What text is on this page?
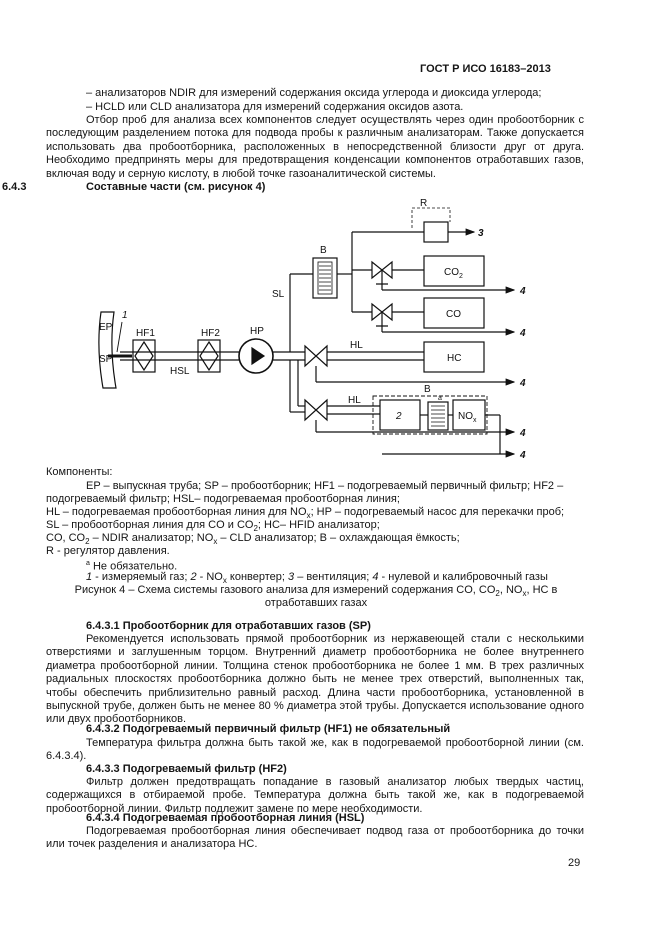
ГОСТ Р ИСО 16183–2013
– анализаторов NDIR для измерений содержания оксида углерода и диоксида углерода;
– HCLD или CLD анализатора для измерений содержания оксидов азота.
Отбор проб для анализа всех компонентов следует осуществлять через один пробоотборник с последующим разделением потока для подвода пробы к различным анализаторам. Также допускается использовать два пробоотборника, расположенных в непосредственной близости друг от друга. Необходимо предпринять меры для предотвращения конденсации компонентов отработавших газов, включая воду и серную кислоту, в любой точке газоаналитической системы.
6.4.3	Составные части (см. рисунок 4)
EP
SP
1
HF1	HF2	HP
HSL
SL
HL
HL
B
B
R
3
$CO_2$
CO
HC
2	$NO_x$
a
4
4
4
4
4
Компоненты:
EP – выпускная труба; SP – пробоотборник; HF1 – подогреваемый первичный фильтр; HF2 –
подогреваемый фильтр; HSL– подогреваемая пробоотборная линия;
HL – подогреваемая пробоотборная линия для $NO_x$; HP – подогреваемый насос для перекачки проб;
SL – пробоотборная линия для CO и $CO_2$; HC– HFID анализатор;
CO, $CO_2$ – NDIR анализатор; $NO_x$ – CLD анализатор; B – охлаждающая ёмкость;
R - регулятор давления.
$^a$ Не обязательно.
1 - измеряемый газ; $2 - NO_x$ конвертер; 3 – вентиляция; 4 - нулевой и калибровочный газы
Рисунок 4 – Схема системы газового анализа для измерений содержания CO, $CO_2$, $NO_x$, HC в
отработавших газах
6.4.3.1 Пробоотборник для отработавших газов (SP)
Рекомендуется использовать прямой пробоотборник из нержавеющей стали с несколькими отверстиями и заглушенным торцом. Внутренний диаметр пробоотборника не более внутреннего диаметра пробоотборной линии. Толщина стенок пробоотборника не более 1 мм. В трех различных радиальных плоскостях пробоотборника должно быть не менее трех отверстий, выполненных так, чтобы обеспечить приблизительно равный расход. Длина части пробоотборника, установленной в выпускной трубе, должен быть не менее 80 % диаметра этой трубы. Допускается использование одного или двух пробоотборников.
6.4.3.2 Подогреваемый первичный фильтр (HF1) не обязательный
Температура фильтра должна быть такой же, как в подогреваемой пробоотборной линии (см. 6.4.3.4).
6.4.3.3 Подогреваемый фильтр (HF2)
Фильтр должен предотвращать попадание в газовый анализатор любых твердых частиц, содержащихся в отбираемой пробе. Температура должна быть такой же, как в подогреваемой пробоотборной линии. Фильтр подлежит замене по мере необходимости.
6.4.3.4 Подогреваемая пробоотборная линия (HSL)
Подогреваемая пробоотборная линия обеспечивает подвод газа от пробоотборника до точки или точек разделения и анализатора HC.
29
